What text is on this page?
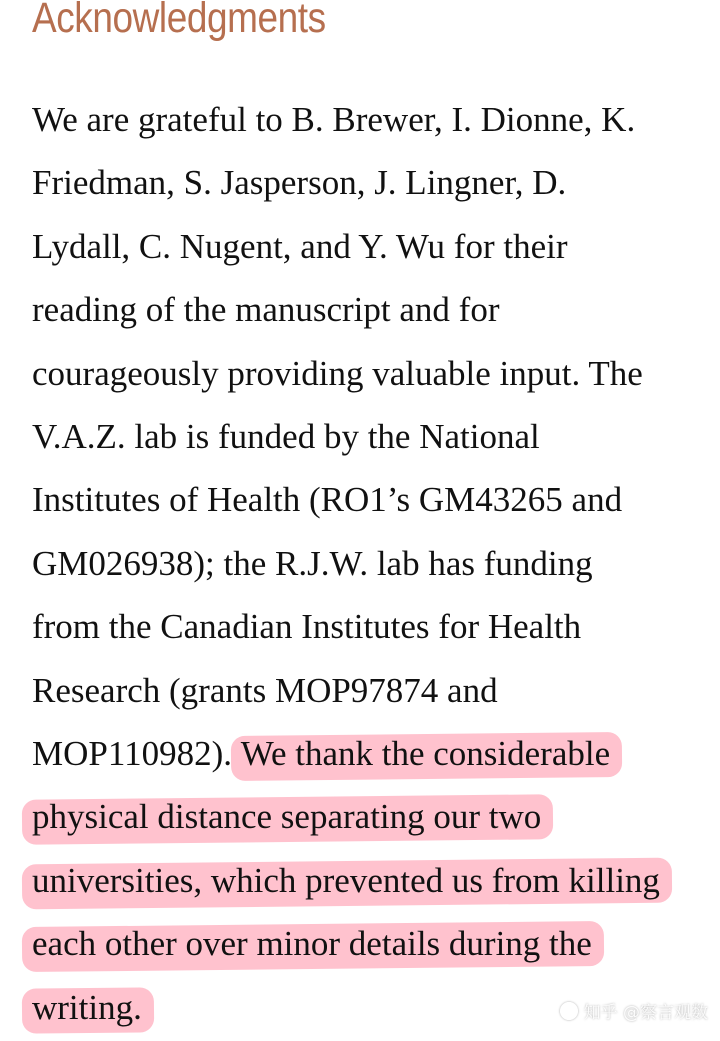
Acknowledgments

We are grateful to B. Brewer, I. Dionne, K.

Friedman, S. Jasperson, J. Lingner, D.

Lydall, C. Nugent, and Y. Wu for their

reading of the manuscript and for

courageously providing valuable input. The

V.A.Z. lab is funded by the National

Institutes of Health (RO1’s GM43265 and

GM026938); the R.J.W. lab has funding

from the Canadian Institutes for Health

Research (grants MOP97874 and

MOP110982). We thank the considerable

physical distance separating our two

universities, which prevented us from killing

each other over minor details during the

writing.	知乎 @察言观数
